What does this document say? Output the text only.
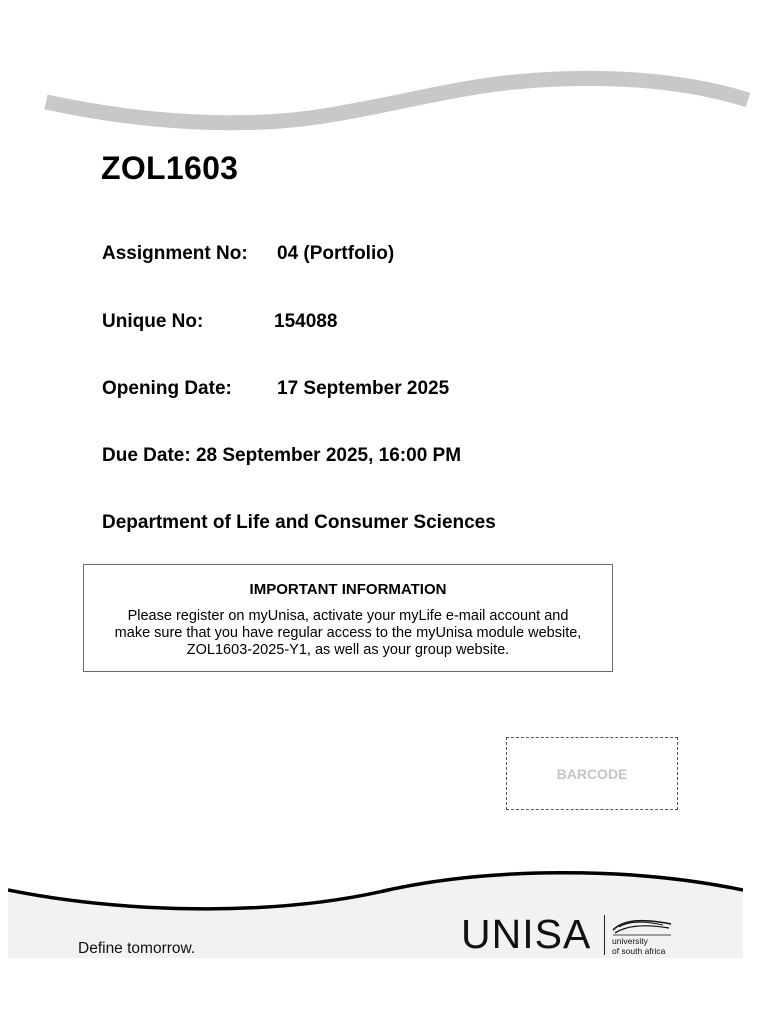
ZOL1603
Assignment No: 04 (Portfolio)
Unique No:	154088
Opening Date: 17 September 2025
Due Date: 28 September 2025, 16:00 PM
Department of Life and Consumer Sciences
IMPORTANT INFORMATION
Please register on myUnisa, activate your myLife e-mail account and make sure that you have regular access to the myUnisa module website, ZOL1603-2025-Y1, as well as your group website.
BARCODE
Define tomorrow.	UNISA university
of south africa
